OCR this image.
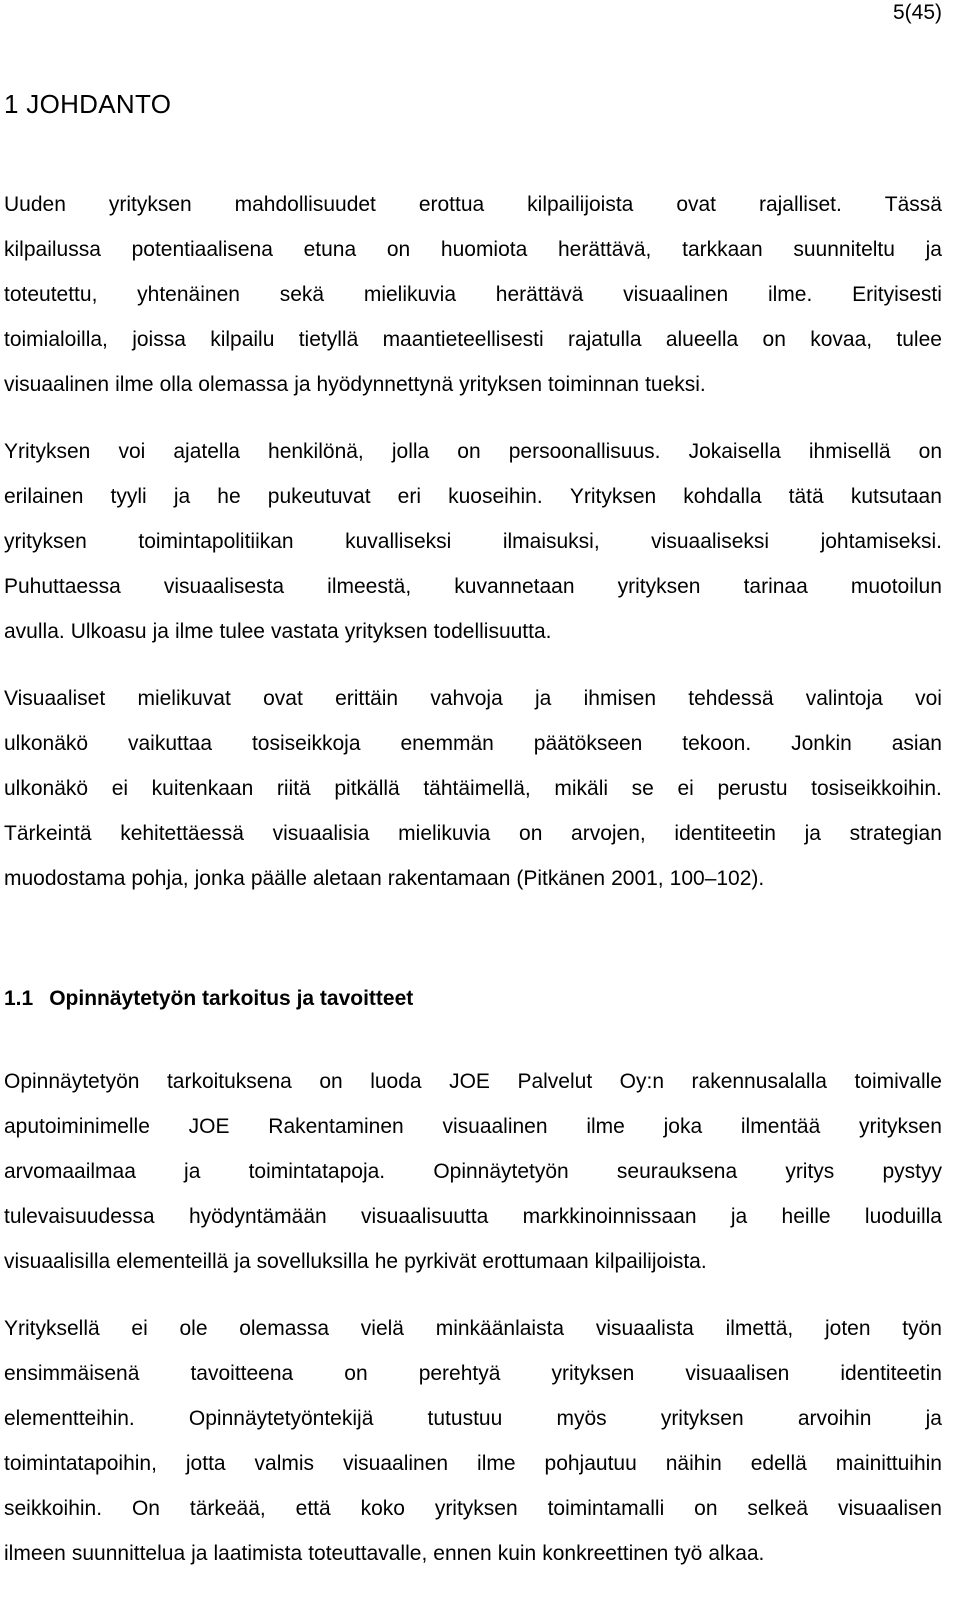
5(45)
1 JOHDANTO
Uuden yrityksen mahdollisuudet erottua kilpailijoista ovat rajalliset. Tässä
kilpailussa potentiaalisena etuna on huomiota herättävä, tarkkaan suunniteltu ja
toteutettu, yhtenäinen sekä mielikuvia herättävä visuaalinen ilme. Erityisesti
toimialoilla, joissa kilpailu tietyllä maantieteellisesti rajatulla alueella on kovaa, tulee
visuaalinen ilme olla olemassa ja hyödynnettynä yrityksen toiminnan tueksi.
Yrityksen voi ajatella henkilönä, jolla on persoonallisuus. Jokaisella ihmisellä on
erilainen tyyli ja he pukeutuvat eri kuoseihin. Yrityksen kohdalla tätä kutsutaan
yrityksen toimintapolitiikan kuvalliseksi ilmaisuksi, visuaaliseksi johtamiseksi.
Puhuttaessa visuaalisesta ilmeestä, kuvannetaan yrityksen tarinaa muotoilun
avulla. Ulkoasu ja ilme tulee vastata yrityksen todellisuutta.
Visuaaliset mielikuvat ovat erittäin vahvoja ja ihmisen tehdessä valintoja voi
ulkonäkö vaikuttaa tosiseikkoja enemmän päätökseen tekoon. Jonkin asian
ulkonäkö ei kuitenkaan riitä pitkällä tähtäimellä, mikäli se ei perustu tosiseikkoihin.
Tärkeintä kehitettäessä visuaalisia mielikuvia on arvojen, identiteetin ja strategian
muodostama pohja, jonka päälle aletaan rakentamaan (Pitkänen 2001, 100–102).
1.1 Opinnäytetyön tarkoitus ja tavoitteet
Opinnäytetyön tarkoituksena on luoda JOE Palvelut Oy:n rakennusalalla toimivalle
aputoiminimelle JOE Rakentaminen visuaalinen ilme joka ilmentää yrityksen
arvomaailmaa ja toimintatapoja. Opinnäytetyön seurauksena yritys pystyy
tulevaisuudessa hyödyntämään visuaalisuutta markkinoinnissaan ja heille luoduilla
visuaalisilla elementeillä ja sovelluksilla he pyrkivät erottumaan kilpailijoista.
Yrityksellä ei ole olemassa vielä minkäänlaista visuaalista ilmettä, joten työn
ensimmäisenä tavoitteena on perehtyä yrityksen visuaalisen identiteetin
elementteihin.	Opinnäytetyöntekijä	tutustuu	myös	yrityksen	arvoihin	ja
toimintatapoihin, jotta valmis visuaalinen ilme pohjautuu näihin edellä mainittuihin
seikkoihin. On tärkeää, että koko yrityksen toimintamalli on selkeä visuaalisen
ilmeen suunnittelua ja laatimista toteuttavalle, ennen kuin konkreettinen työ alkaa.
